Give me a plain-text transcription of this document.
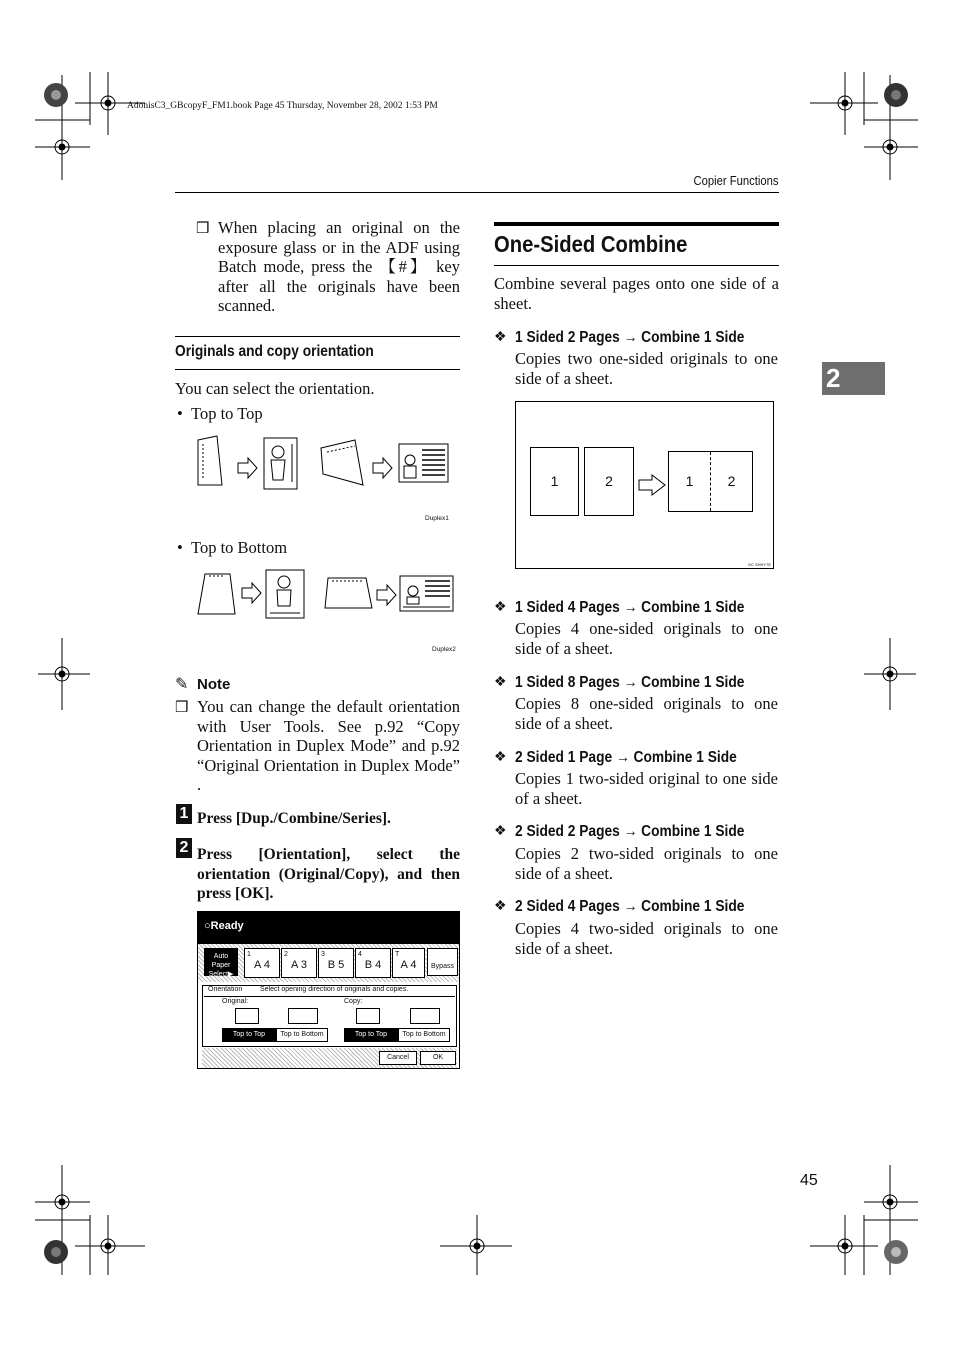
AdonisC3_GBcopyF_FM1.book Page 45 Thursday, November 28, 2002 1:53 PM
Copier Functions
2
❒ When placing an original on the exposure glass or in the ADF using Batch mode, press the 【#】 key after all the originals have been scanned.
Originals and copy orientation
You can select the orientation.
•  Top to Top
Duplex1
•  Top to Bottom
Duplex2
✎ Note
❒ You can change the default orientation with User Tools. See p.92 “Copy Orientation in Duplex Mode” and p.92 “Original Orientation in Duplex Mode” .
1 Press [Dup./Combine/Series].
2 Press [Orientation], select the orientation (Original/Copy), and then press [OK].
○Ready
Auto Paper Select▶
1
A 4
2
A 3
3
B 5
4
B 4
T
A 4	Bypass
Orientation	Select opening direction of originals and copies.
Original:	Copy:
Top to Top	Top to Bottom	Top to Top	Top to Bottom
Cancel	OK
One-Sided Combine
Combine several pages onto one side of a sheet.
❖ 1 Sided 2 Pages → Combine 1 Side
Copies two one-sided originals to one side of a sheet.
1	2	1	2
GC SHHY7E
❖ 1 Sided 4 Pages → Combine 1 Side
Copies 4 one-sided originals to one side of a sheet.
❖ 1 Sided 8 Pages → Combine 1 Side
Copies 8 one-sided originals to one side of a sheet.
❖ 2 Sided 1 Page → Combine 1 Side
Copies 1 two-sided original to one side of a sheet.
❖ 2 Sided 2 Pages → Combine 1 Side
Copies 2 two-sided originals to one side of a sheet.
❖ 2 Sided 4 Pages → Combine 1 Side
Copies 4 two-sided originals to one side of a sheet.
45
